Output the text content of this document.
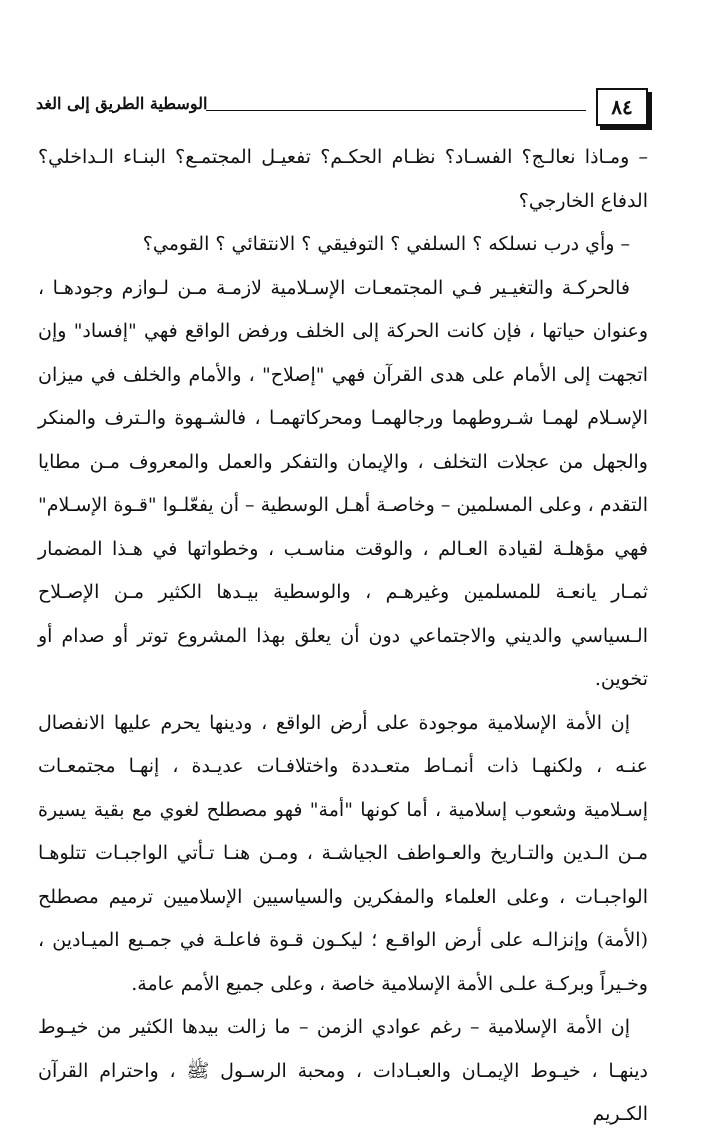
٨٤
الوسطية الطريق إلى الغد

– ومـاذا نعالـج؟ الفسـاد؟ نظـام الحكـم؟ تفعيـل المجتمـع؟ البنـاء الـداخلي؟ الدفاع الخارجي؟

– وأي درب نسلكه ؟ السلفي ؟ التوفيقي ؟ الانتقائي ؟ القومي؟

فالحركـة والتغيـير فـي المجتمعـات الإسـلامية لازمـة مـن لـوازم وجودهـا ، وعنوان حياتها ، فإن كانت الحركة إلى الخلف ورفض الواقع فهي "إفساد" وإن اتجهت إلى الأمام على هدى القرآن فهي "إصلاح" ، والأمام والخلف في ميزان الإسـلام لهمـا شـروطهما ورجالهمـا ومحركاتهمـا ، فالشـهوة والـترف والمنكر والجهل من عجلات التخلف ، والإيمان والتفكر والعمل والمعروف مـن مطايا التقدم ، وعلى المسلمين – وخاصـة أهـل الوسطية – أن يفعّلـوا "قـوة الإسـلام" فهي مؤهلـة لقيادة العـالم ، والوقت مناسـب ، وخطواتها في هـذا المضمار ثمـار يانعـة للمسلمين وغيرهـم ، والوسطية بيـدها الكثير مـن الإصـلاح الـسياسي والديني والاجتماعي دون أن يعلق بهذا المشروع توتر أو صدام أو تخوين.

إن الأمة الإسلامية موجودة على أرض الواقع ، ودينها يحرم عليها الانفصال عنـه ، ولكنهـا ذات أنمـاط متعـددة واختلافـات عديـدة ، إنهـا مجتمعـات إسـلامية وشعوب إسلامية ، أما كونها "أمة" فهو مصطلح لغوي مع بقية يسيرة مـن الـدين والتـاريخ والعـواطف الجياشـة ، ومـن هنـا تـأتي الواجبـات تتلوهـا الواجبـات ، وعلى العلماء والمفكرين والسياسيين الإسلاميين ترميم مصطلح (الأمة) وإنزالـه على أرض الواقـع ؛ ليكـون قـوة فاعلـة في جمـيع الميـادين ، وخـيراً وبركـة علـى الأمة الإسلامية خاصة ، وعلى جميع الأمم عامة.

إن الأمة الإسلامية – رغم عوادي الزمن – ما زالت بيدها الكثير من خيـوط دينهـا ، خيـوط الإيمـان والعبـادات ، ومحبة الرسـول ﷺ ، واحترام القرآن الكـريم
